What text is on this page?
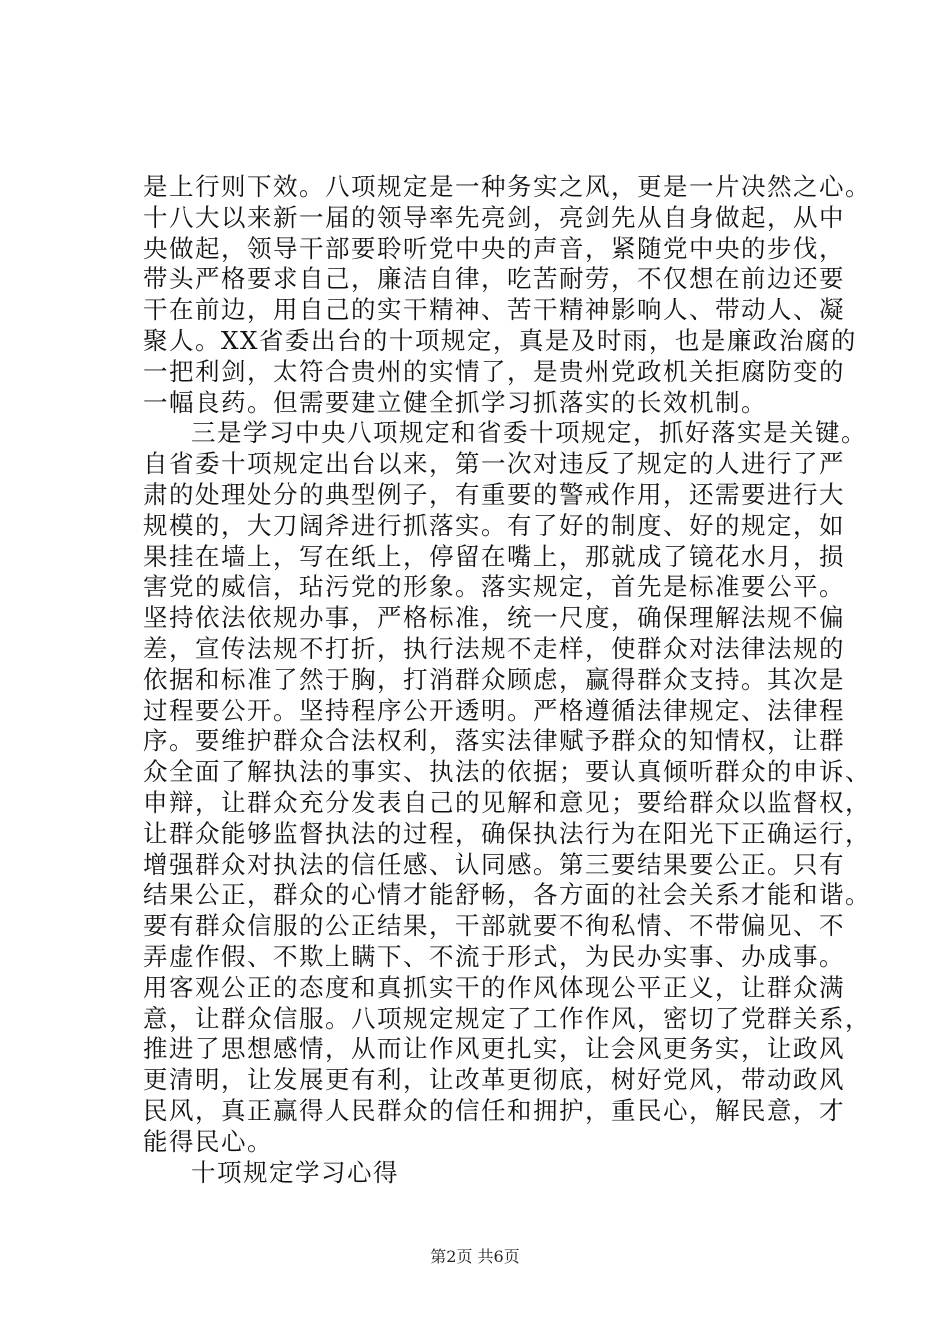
是上行则下效。八项规定是一种务实之风，更是一片决然之心。
十八大以来新一届的领导率先亮剑，亮剑先从自身做起，从中
央做起，领导干部要聆听党中央的声音，紧随党中央的步伐，
带头严格要求自己，廉洁自律，吃苦耐劳，不仅想在前边还要
干在前边，用自己的实干精神、苦干精神影响人、带动人、凝
聚人。XX省委出台的十项规定，真是及时雨，也是廉政治腐的
一把利剑，太符合贵州的实情了，是贵州党政机关拒腐防变的
一幅良药。但需要建立健全抓学习抓落实的长效机制。
三是学习中央八项规定和省委十项规定，抓好落实是关键。
自省委十项规定出台以来，第一次对违反了规定的人进行了严
肃的处理处分的典型例子，有重要的警戒作用，还需要进行大
规模的，大刀阔斧进行抓落实。有了好的制度、好的规定，如
果挂在墙上，写在纸上，停留在嘴上，那就成了镜花水月，损
害党的威信，玷污党的形象。落实规定，首先是标准要公平。
坚持依法依规办事，严格标准，统一尺度，确保理解法规不偏
差，宣传法规不打折，执行法规不走样，使群众对法律法规的
依据和标准了然于胸，打消群众顾虑，赢得群众支持。其次是
过程要公开。坚持程序公开透明。严格遵循法律规定、法律程
序。要维护群众合法权利，落实法律赋予群众的知情权，让群
众全面了解执法的事实、执法的依据；要认真倾听群众的申诉、
申辩，让群众充分发表自己的见解和意见；要给群众以监督权，
让群众能够监督执法的过程，确保执法行为在阳光下正确运行，
增强群众对执法的信任感、认同感。第三要结果要公正。只有
结果公正，群众的心情才能舒畅，各方面的社会关系才能和谐。
要有群众信服的公正结果，干部就要不徇私情、不带偏见、不
弄虚作假、不欺上瞒下、不流于形式，为民办实事、办成事。
用客观公正的态度和真抓实干的作风体现公平正义，让群众满
意，让群众信服。八项规定规定了工作作风，密切了党群关系，
推进了思想感情，从而让作风更扎实，让会风更务实，让政风
更清明，让发展更有利，让改革更彻底，树好党风，带动政风
民风，真正赢得人民群众的信任和拥护，重民心，解民意，才
能得民心。
十项规定学习心得
第2页 共6页
